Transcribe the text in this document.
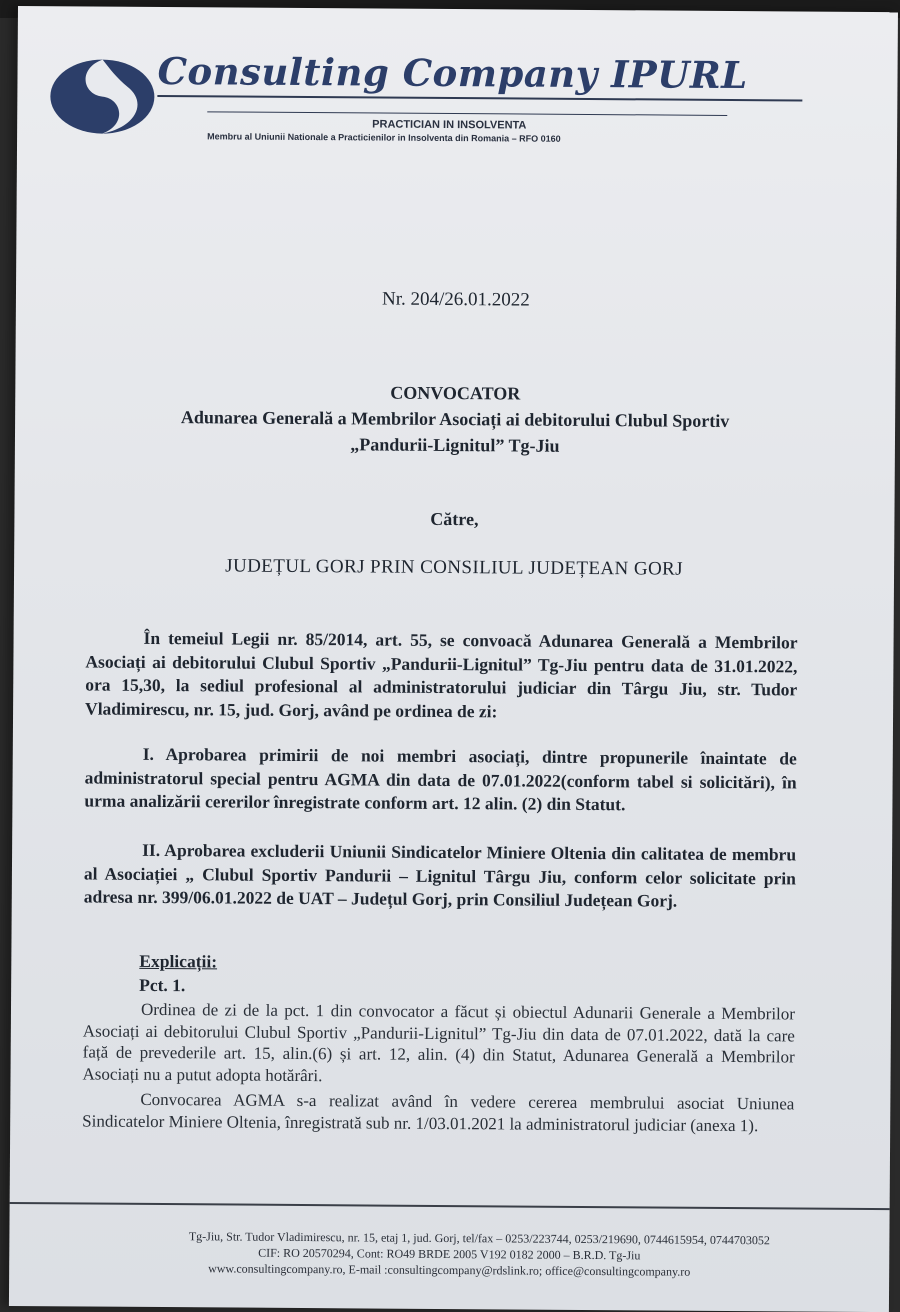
Consulting Company IPURL
PRACTICIAN IN INSOLVENTA
Membru al Uniunii Nationale a Practicienilor in Insolventa din Romania – RFO 0160
Nr. 204/26.01.2022
CONVOCATOR
Adunarea Generală a Membrilor Asociați ai debitorului Clubul Sportiv
„Pandurii-Lignitul” Tg-Jiu
Către,
JUDEȚUL GORJ PRIN CONSILIUL JUDEȚEAN GORJ
În temeiul Legii nr. 85/2014, art. 55, se convoacă Adunarea Generală a Membrilor Asociați ai debitorului Clubul Sportiv „Pandurii-Lignitul” Tg-Jiu pentru data de 31.01.2022, ora 15,30, la sediul profesional al administratorului judiciar din Târgu Jiu, str. Tudor Vladimirescu, nr. 15, jud. Gorj, având pe ordinea de zi:
I. Aprobarea primirii de noi membri asociați, dintre propunerile înaintate de administratorul special pentru AGMA din data de 07.01.2022(conform tabel si solicitări), în urma analizării cererilor înregistrate conform art. 12 alin. (2) din Statut.
II. Aprobarea excluderii Uniunii Sindicatelor Miniere Oltenia din calitatea de membru al Asociației „ Clubul Sportiv Pandurii – Lignitul Târgu Jiu, conform celor solicitate prin adresa nr. 399/06.01.2022 de UAT – Județul Gorj, prin Consiliul Județean Gorj.
Explicații:
Pct. 1.
Ordinea de zi de la pct. 1 din convocator a făcut și obiectul Adunarii Generale a Membrilor Asociați ai debitorului Clubul Sportiv „Pandurii-Lignitul” Tg-Jiu din data de 07.01.2022, dată la care față de prevederile art. 15, alin.(6) și art. 12, alin. (4) din Statut, Adunarea Generală a Membrilor Asociați nu a putut adopta hotărâri.
Convocarea AGMA s-a realizat având în vedere cererea membrului asociat Uniunea Sindicatelor Miniere Oltenia, înregistrată sub nr. 1/03.01.2021 la administratorul judiciar (anexa 1).
Tg-Jiu, Str. Tudor Vladimirescu, nr. 15, etaj 1, jud. Gorj, tel/fax – 0253/223744, 0253/219690, 0744615954, 0744703052
CIF: RO 20570294, Cont: RO49 BRDE 2005 V192 0182 2000 – B.R.D. Tg-Jiu
www.consultingcompany.ro, E-mail :consultingcompany@rdslink.ro; office@consultingcompany.ro
